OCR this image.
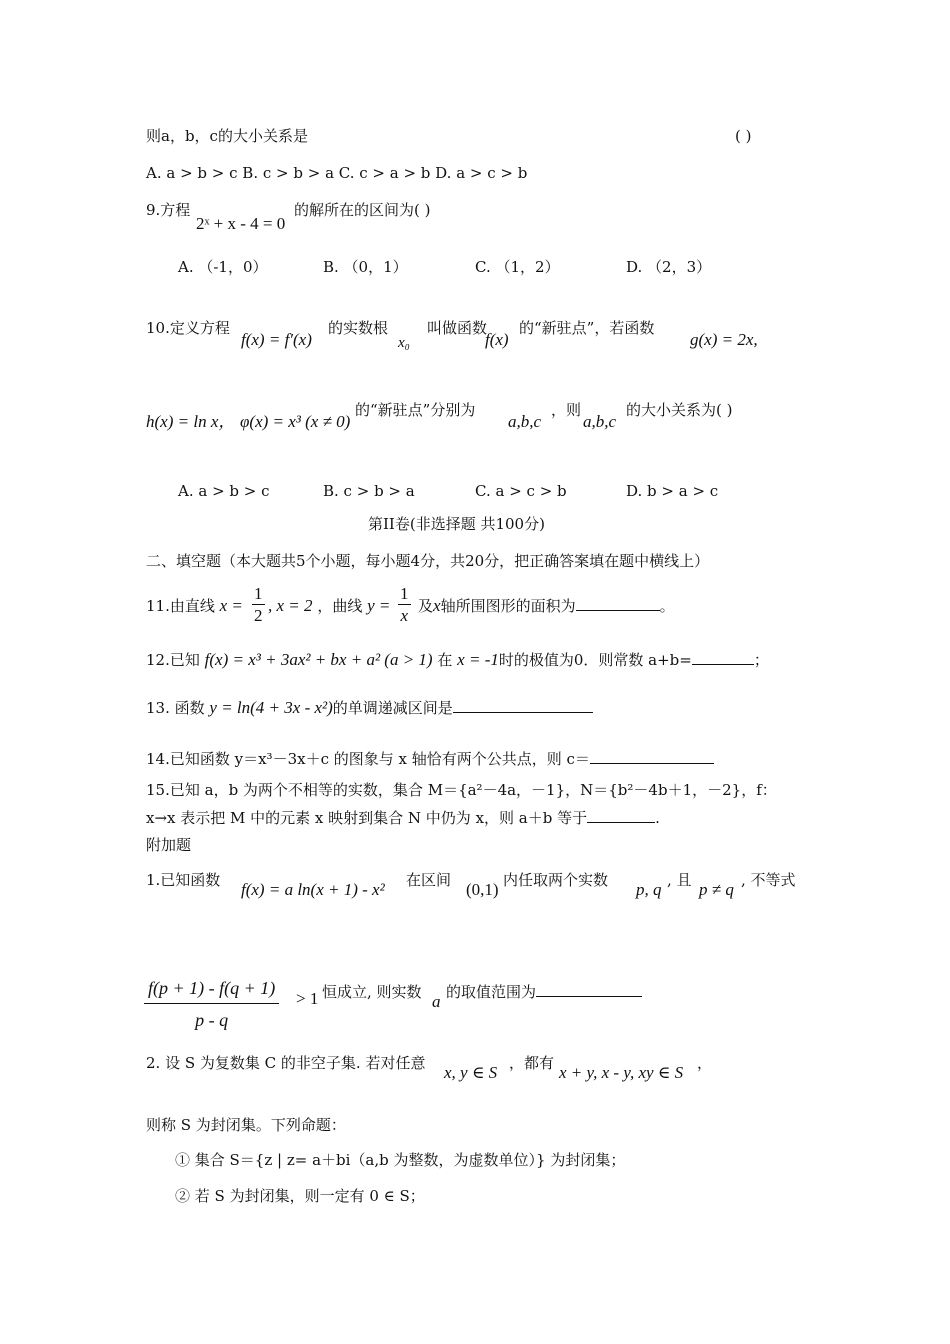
则a，b，c的大小关系是	( )
A. a > b > c B. c > b > a C. c > a > b D. a > c > b
9.方程
2ˣ + x - 4 = 0
的解所在的区间为( )
A. （-1，0）	B. （0，1）	C. （1，2）	D. （2，3）
10.定义方程
f(x) = f′(x)
的实数根
x₀
叫做函数
f(x)
的“新驻点”，若函数
g(x) = 2x,
h(x) = ln x， φ(x) = x³ (x ≠ 0)
的“新驻点”分别为
a,b,c
，则
a,b,c
的大小关系为( )
A. a > b > c	B. c > b > a	C. a > c > b	D. b > a > c
第II卷(非选择题 共100分)
二、填空题（本大题共5个小题，每小题4分，共20分，把正确答案填在题中横线上）
11.由直线 $x = \frac{1}{2}$ , x = 2 ，曲线 $y = \frac{1}{x}$ 及x轴所围图形的面积为	。
12.已知 f(x) = x³ + 3ax² + bx + a² (a > 1) 在 x = -1时的极值为0．则常数 a+b=	；
13. 函数 y = ln(4 + 3x - x²)的单调递减区间是
14.已知函数 y＝x³－3x＋c 的图象与 x 轴恰有两个公共点，则 c＝
15.已知 a，b 为两个不相等的实数，集合 M＝{a²－4a，－1}，N＝{b²－4b＋1，－2}，f：
x→x 表示把 M 中的元素 x 映射到集合 N 中仍为 x，则 a＋b 等于	.
附加题
1.已知函数 f(x) = a ln(x + 1) - x² 在区间 (0,1) 内任取两个实数 p, q , 且 p ≠ q , 不等式
$\frac{f(p + 1) - f(q + 1)}{p - q} > 1$ 恒成立, 则实数 a 的取值范围为
2. 设 S 为复数集 C 的非空子集. 若对任意 x, y ∈ S ，都有 x + y, x - y, xy ∈ S ，
则称 S 为封闭集。下列命题：
① 集合 S＝{z | z= a＋bi（a,b 为整数，为虚数单位）} 为封闭集；
② 若 S 为封闭集，则一定有 0 ∈ S；
